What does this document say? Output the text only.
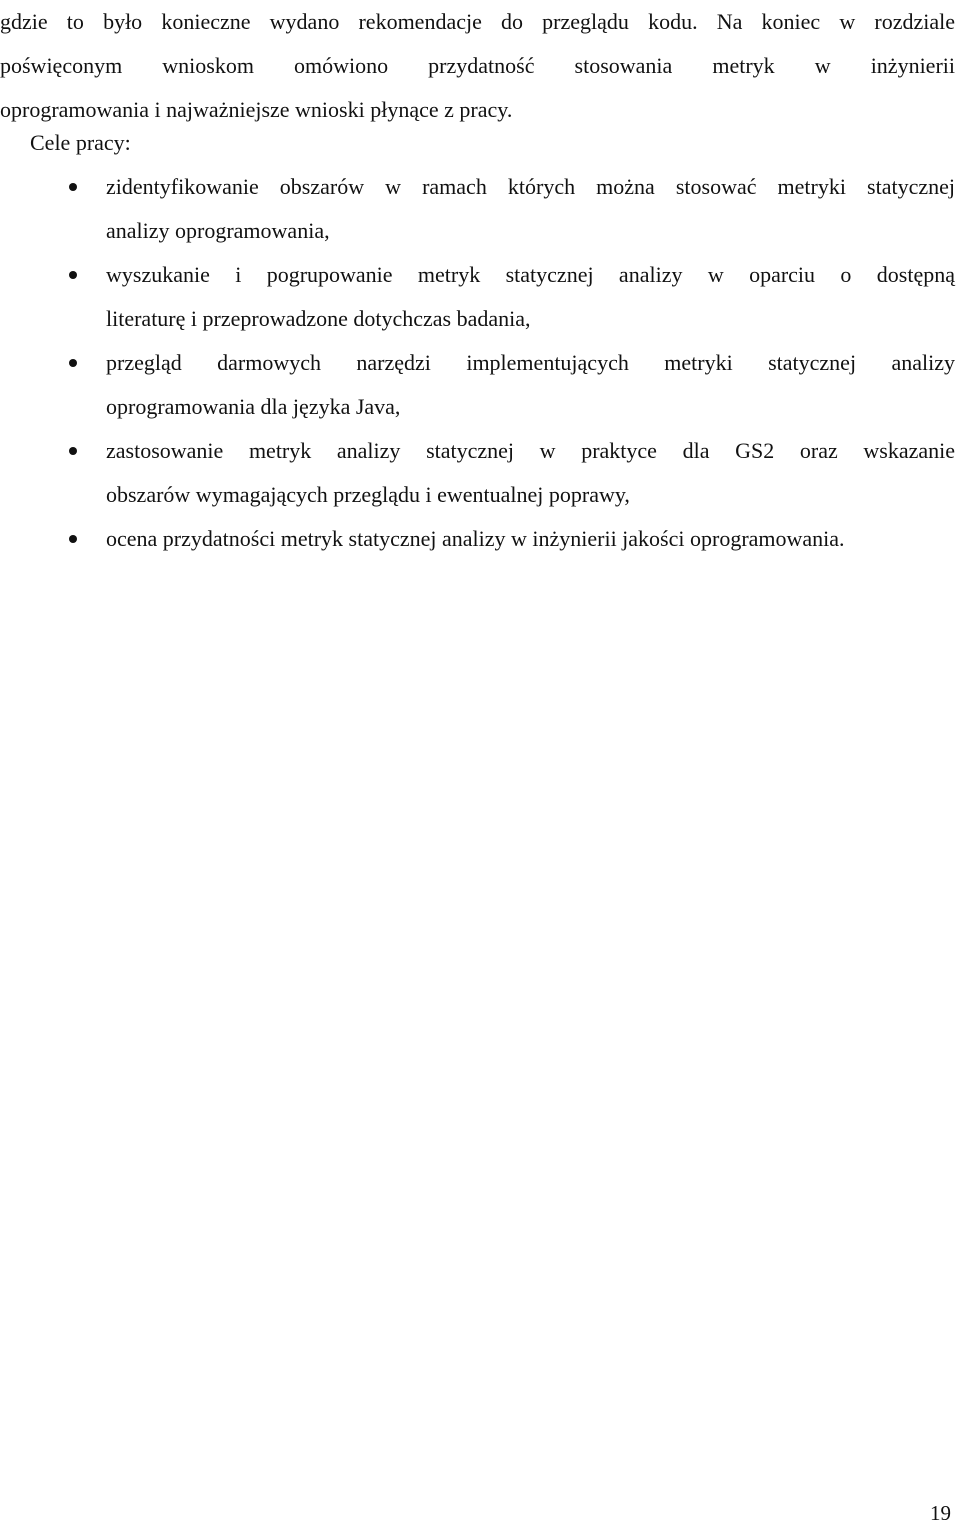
gdzie to było konieczne wydano rekomendacje do przeglądu kodu. Na koniec w rozdziale
poświęconym wnioskom omówiono przydatność stosowania metryk w inżynierii
oprogramowania i najważniejsze wnioski płynące z pracy.

Cele pracy:
zidentyfikowanie obszarów w ramach których można stosować metryki statycznej
analizy oprogramowania,
wyszukanie i pogrupowanie metryk statycznej analizy w oparciu o dostępną
literaturę i przeprowadzone dotychczas badania,
przegląd darmowych narzędzi implementujących metryki statycznej analizy
oprogramowania dla języka Java,
zastosowanie metryk analizy statycznej w praktyce dla GS2 oraz wskazanie
obszarów wymagających przeglądu i ewentualnej poprawy,
ocena przydatności metryk statycznej analizy w inżynierii jakości oprogramowania.
19
